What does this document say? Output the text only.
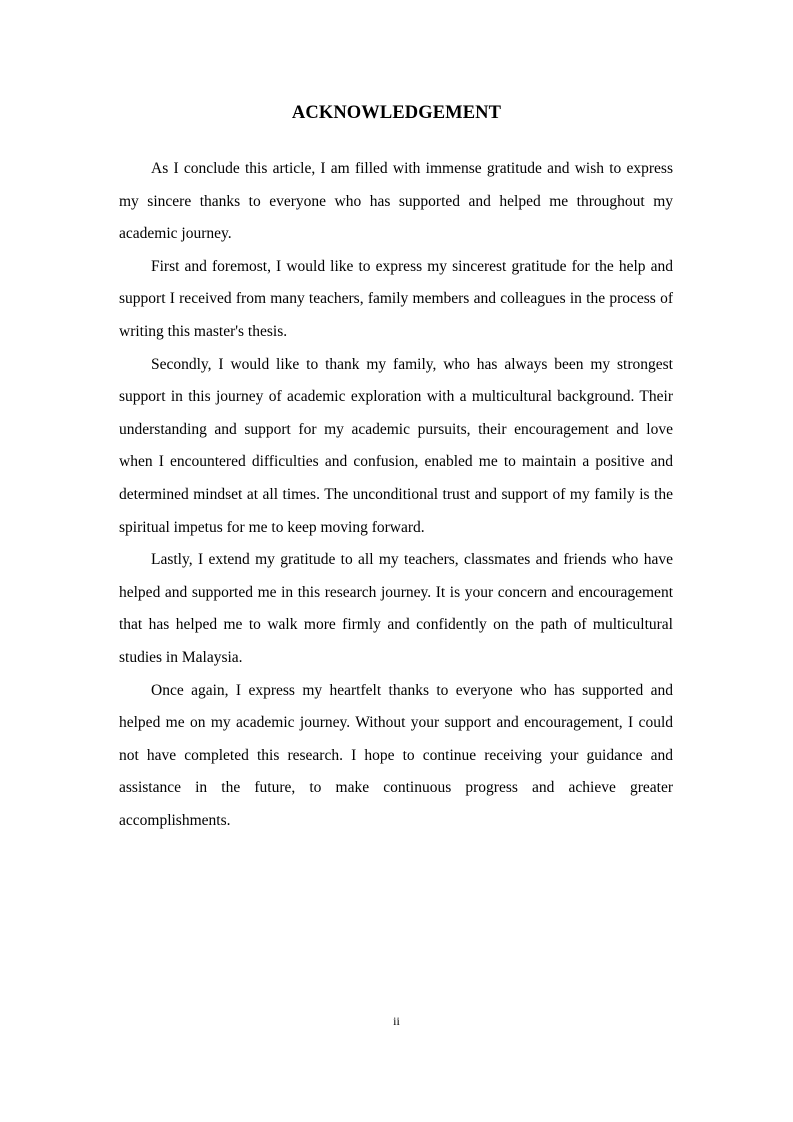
ACKNOWLEDGEMENT

As I conclude this article, I am filled with immense gratitude and wish to express my sincere thanks to everyone who has supported and helped me throughout my academic journey.

First and foremost, I would like to express my sincerest gratitude for the help and support I received from many teachers, family members and colleagues in the process of writing this master's thesis.

Secondly, I would like to thank my family, who has always been my strongest support in this journey of academic exploration with a multicultural background. Their understanding and support for my academic pursuits, their encouragement and love when I encountered difficulties and confusion, enabled me to maintain a positive and determined mindset at all times. The unconditional trust and support of my family is the spiritual impetus for me to keep moving forward.

Lastly, I extend my gratitude to all my teachers, classmates and friends who have helped and supported me in this research journey. It is your concern and encouragement that has helped me to walk more firmly and confidently on the path of multicultural studies in Malaysia.

Once again, I express my heartfelt thanks to everyone who has supported and helped me on my academic journey. Without your support and encouragement, I could not have completed this research. I hope to continue receiving your guidance and assistance in the future, to make continuous progress and achieve greater accomplishments.

ii
